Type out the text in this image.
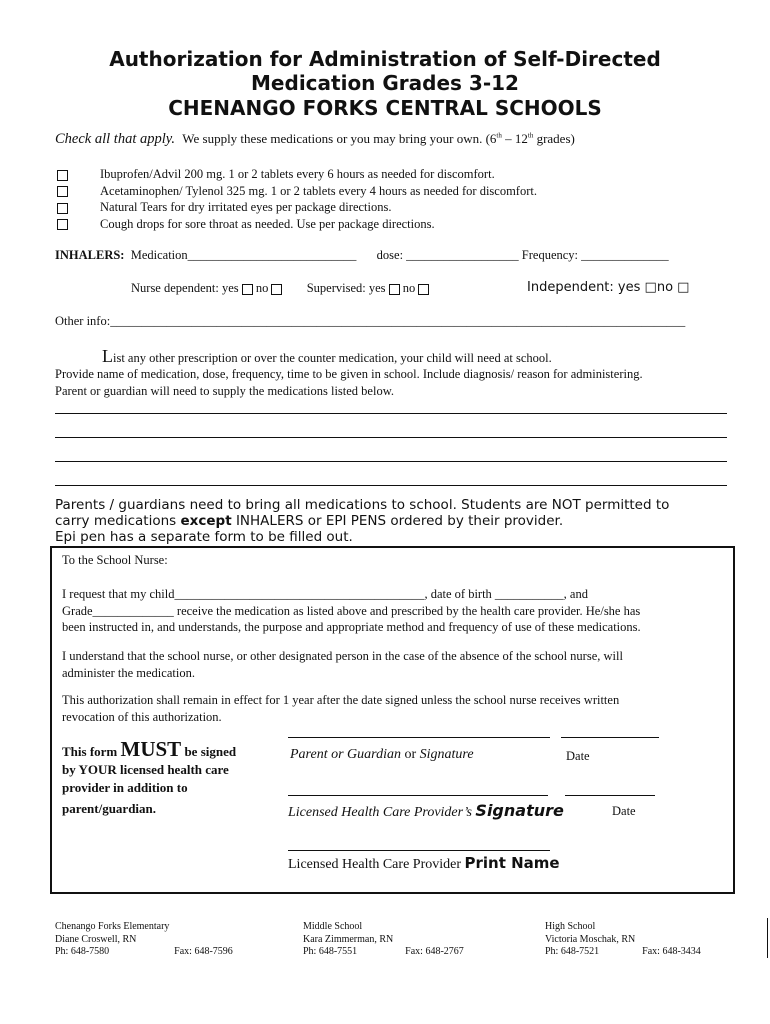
Authorization for Administration of Self-Directed
Medication Grades 3-12
CHENANGO FORKS CENTRAL SCHOOLS
Check all that apply. We supply these medications or you may bring your own. (6th – 12th grades)
Ibuprofen/Advil 200 mg. 1 or 2 tablets every 6 hours as needed for discomfort.
Acetaminophen/ Tylenol 325 mg. 1 or 2 tablets every 4 hours as needed for discomfort.
Natural Tears for dry irritated eyes per package directions.
Cough drops for sore throat as needed. Use per package directions.
INHALERS: Medication___________________________ dose: __________________ Frequency: ______________
Nurse dependent: yes no	Supervised: yes no	Independent: yes □no □
Other info:____________________________________________________________________________________________
List any other prescription or over the counter medication, your child will need at school.
Provide name of medication, dose, frequency, time to be given in school. Include diagnosis/ reason for administering.
Parent or guardian will need to supply the medications listed below.
Parents / guardians need to bring all medications to school. Students are NOT permitted to
carry medications except INHALERS or EPI PENS ordered by their provider.
Epi pen has a separate form to be filled out.
To the School Nurse:
I request that my child________________________________________, date of birth ___________, and
Grade_____________ receive the medication as listed above and prescribed by the health care provider. He/she has
been instructed in, and understands, the purpose and appropriate method and frequency of use of these medications.
I understand that the school nurse, or other designated person in the case of the absence of the school nurse, will
administer the medication.
This authorization shall remain in effect for 1 year after the date signed unless the school nurse receives written
revocation of this authorization.
This form MUST be signed
by YOUR licensed health care
provider in addition to
parent/guardian.
Parent or Guardian or Signature	Date
Licensed Health Care Provider’s Signature	Date
Licensed Health Care Provider Print Name
Chenango Forks Elementary
Diane Croswell, RN
Ph: 648-7580	Fax: 648-7596
Middle School
Kara Zimmerman, RN
Ph: 648-7551	Fax: 648-2767
High School
Victoria Moschak, RN
Ph: 648-7521	Fax: 648-3434
